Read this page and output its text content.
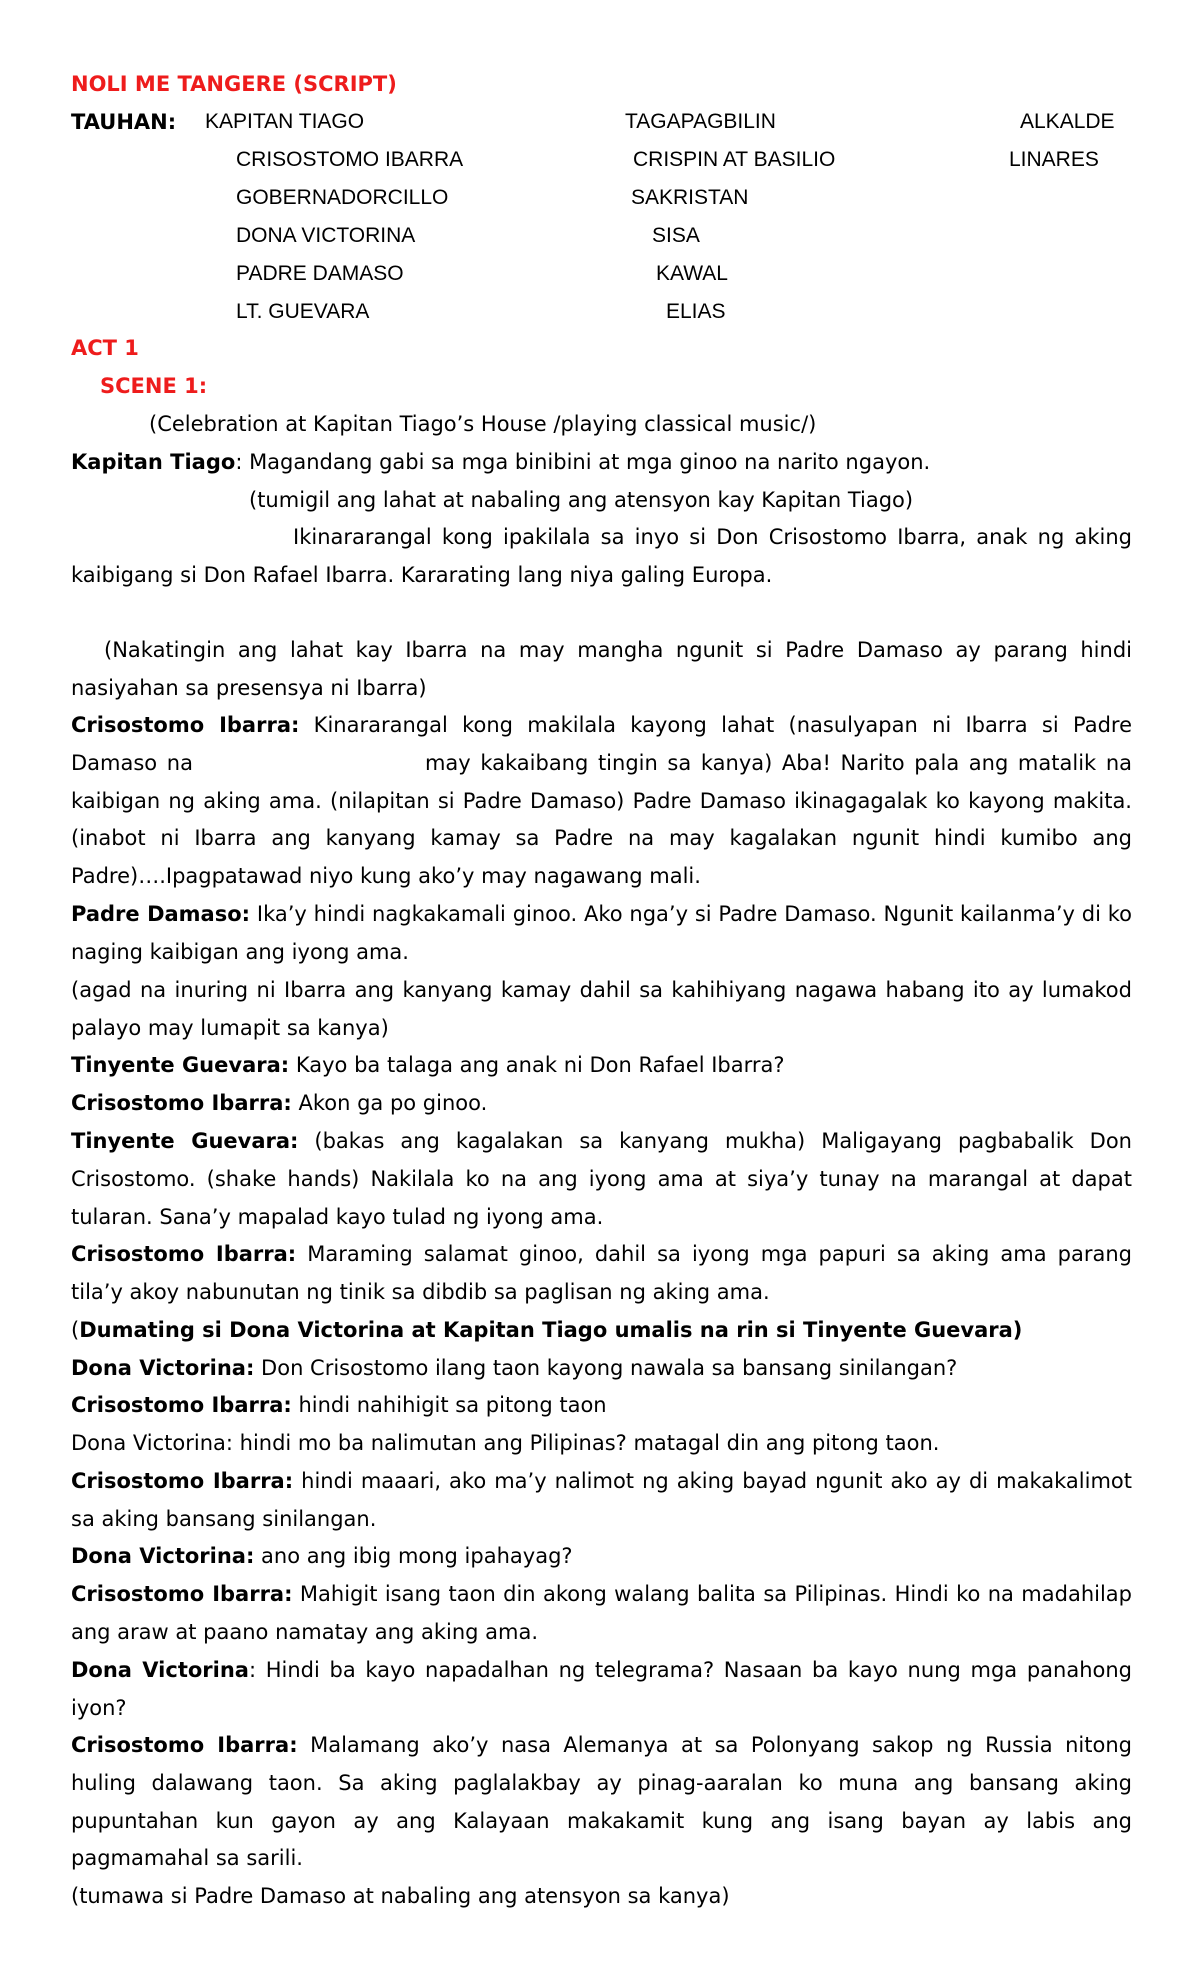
NOLI ME TANGERE (SCRIPT)
TAUHAN: KAPITAN TIAGO
CRISOSTOMO IBARRA
GOBERNADORCILLO
DONA VICTORINA
PADRE DAMASO
LT. GUEVARA
TAGAPAGBILIN
CRISPIN AT BASILIO
SAKRISTAN
SISA
KAWAL
ELIAS
ALKALDE
LINARES
ACT 1
SCENE 1:
(Celebration at Kapitan Tiago’s House /playing classical music/)
Kapitan Tiago: Magandang gabi sa mga binibini at mga ginoo na narito ngayon.
(tumigil ang lahat at nabaling ang atensyon kay Kapitan Tiago)
Ikinararangal kong ipakilala sa inyo si Don Crisostomo Ibarra, anak ng aking kaibigang si Don Rafael Ibarra. Kararating lang niya galing Europa.
(Nakatingin ang lahat kay Ibarra na may mangha ngunit si Padre Damaso ay parang hindi nasiyahan sa presensya ni Ibarra)
Crisostomo Ibarra: Kinararangal kong makilala kayong lahat (nasulyapan ni Ibarra si Padre Damaso na	may kakaibang tingin sa kanya) Aba! Narito pala ang matalik na kaibigan ng aking ama. (nilapitan si Padre Damaso) Padre Damaso ikinagagalak ko kayong makita. (inabot ni Ibarra ang kanyang kamay sa Padre na may kagalakan ngunit hindi kumibo ang Padre)….Ipagpatawad niyo kung ako’y may nagawang mali.
Padre Damaso: Ika’y hindi nagkakamali ginoo. Ako nga’y si Padre Damaso. Ngunit kailanma’y di ko naging kaibigan ang iyong ama.
(agad na inuring ni Ibarra ang kanyang kamay dahil sa kahihiyang nagawa habang ito ay lumakod palayo may lumapit sa kanya)
Tinyente Guevara: Kayo ba talaga ang anak ni Don Rafael Ibarra?
Crisostomo Ibarra: Akon ga po ginoo.
Tinyente Guevara: (bakas ang kagalakan sa kanyang mukha) Maligayang pagbabalik Don Crisostomo. (shake hands) Nakilala ko na ang iyong ama at siya’y tunay na marangal at dapat tularan. Sana’y mapalad kayo tulad ng iyong ama.
Crisostomo Ibarra: Maraming salamat ginoo, dahil sa iyong mga papuri sa aking ama parang tila’y akoy nabunutan ng tinik sa dibdib sa paglisan ng aking ama.
(Dumating si Dona Victorina at Kapitan Tiago umalis na rin si Tinyente Guevara)
Dona Victorina: Don Crisostomo ilang taon kayong nawala sa bansang sinilangan?
Crisostomo Ibarra: hindi nahihigit sa pitong taon
Dona Victorina: hindi mo ba nalimutan ang Pilipinas? matagal din ang pitong taon.
Crisostomo Ibarra: hindi maaari, ako ma’y nalimot ng aking bayad ngunit ako ay di makakalimot sa aking bansang sinilangan.
Dona Victorina: ano ang ibig mong ipahayag?
Crisostomo Ibarra: Mahigit isang taon din akong walang balita sa Pilipinas. Hindi ko na madahilap ang araw at paano namatay ang aking ama.
Dona Victorina: Hindi ba kayo napadalhan ng telegrama? Nasaan ba kayo nung mga panahong iyon?
Crisostomo Ibarra: Malamang ako’y nasa Alemanya at sa Polonyang sakop ng Russia nitong huling dalawang taon. Sa aking paglalakbay ay pinag-aaralan ko muna ang bansang aking pupuntahan kun gayon ay ang Kalayaan makakamit kung ang isang bayan ay labis ang pagmamahal sa sarili.
(tumawa si Padre Damaso at nabaling ang atensyon sa kanya)
